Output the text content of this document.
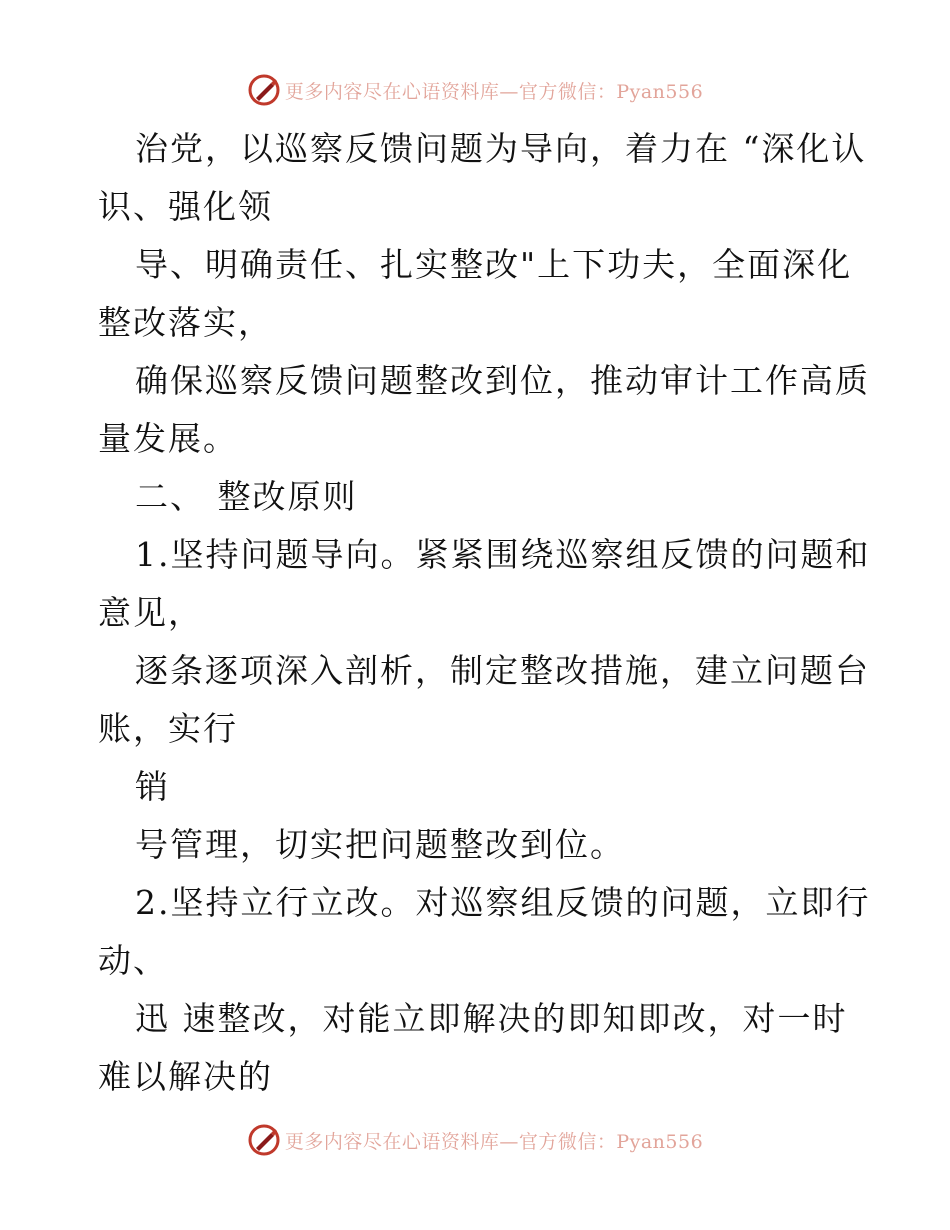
更多内容尽在心语资料库—官方微信：Pyan556
治党，以巡察反馈问题为导向，着力在 “深化认
识、强化领
导、明确责任、扎实整改"上下功夫，全面深化
整改落实，
确保巡察反馈问题整改到位，推动审计工作高质
量发展。
二、 整改原则
1.坚持问题导向。紧紧围绕巡察组反馈的问题和
意见，
逐条逐项深入剖析，制定整改措施，建立问题台
账，实行
销
号管理，切实把问题整改到位。
2.坚持立行立改。对巡察组反馈的问题，立即行
动、
迅 速整改，对能立即解决的即知即改，对一时
难以解决的
更多内容尽在心语资料库—官方微信：Pyan556
